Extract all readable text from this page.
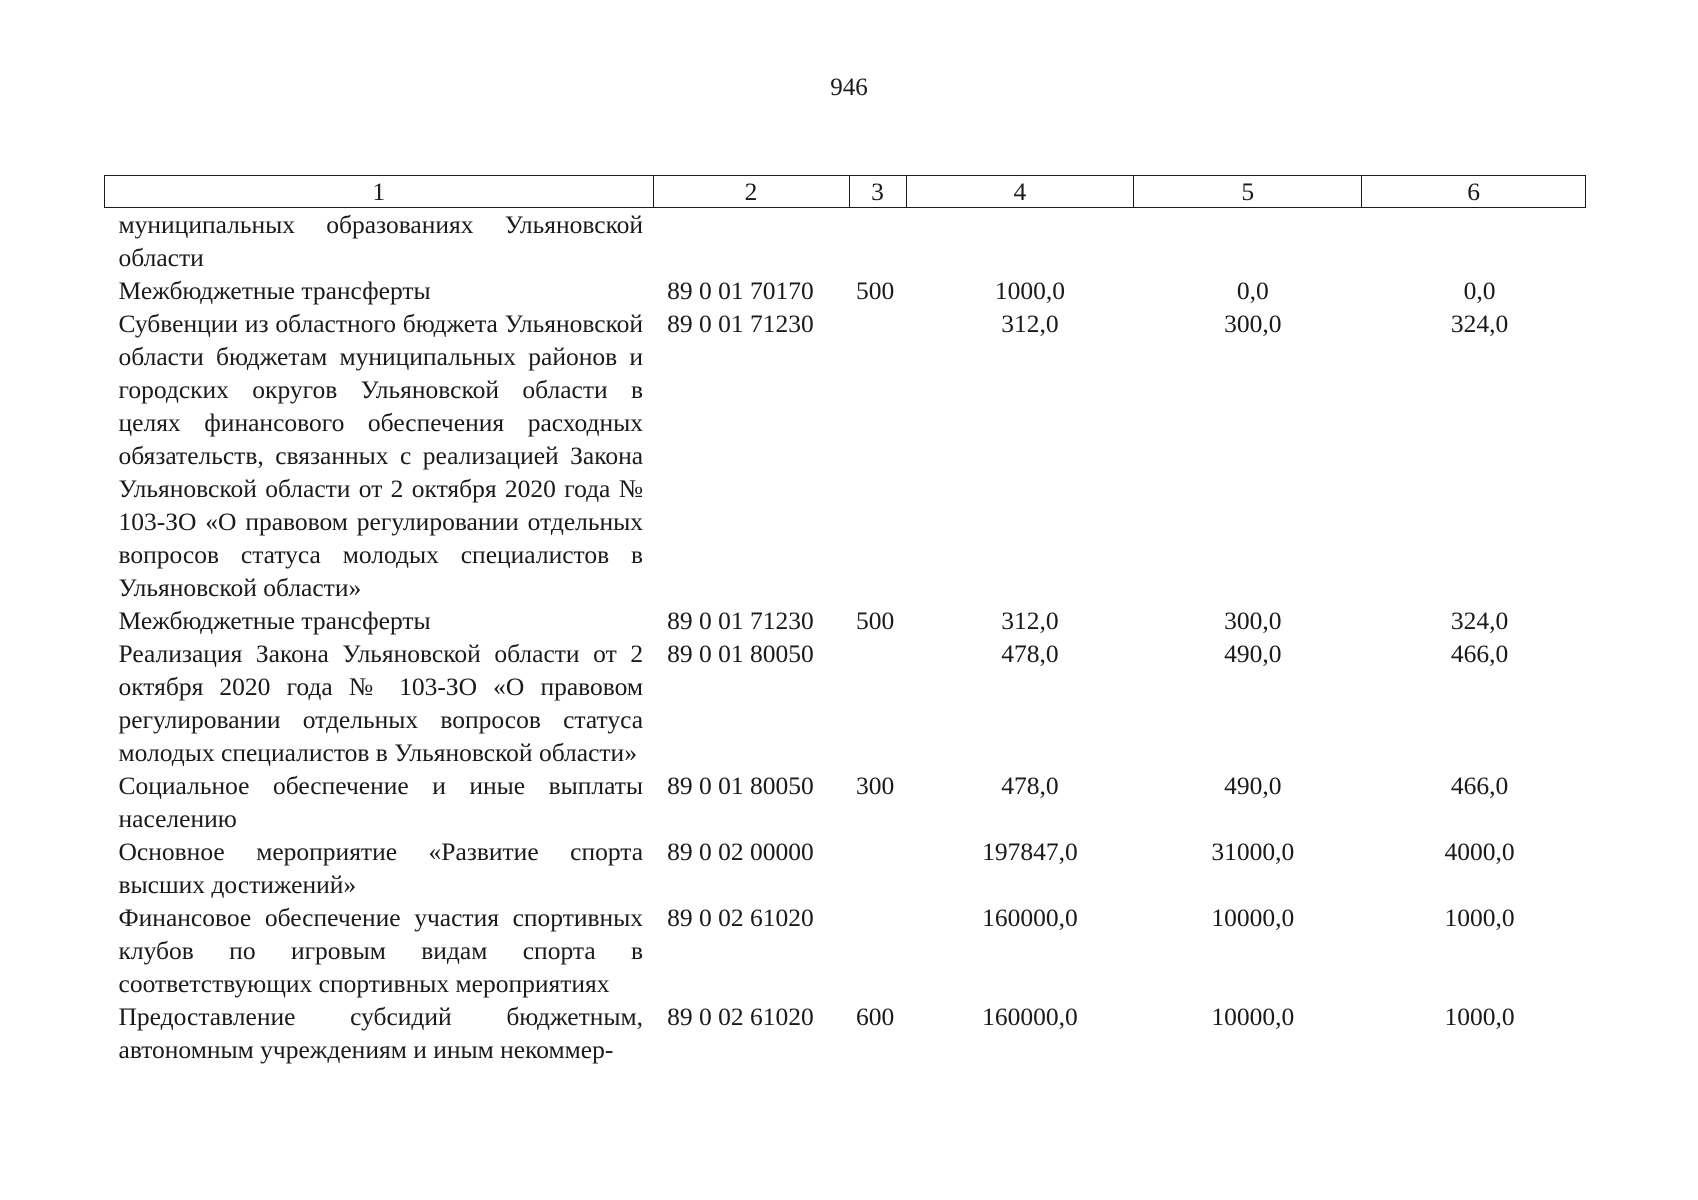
946
1	2	3	4	5	6
муниципальных образованиях Ульяновской области					
Межбюджетные трансферты	89 0 01 70170	500	1000,0	0,0	0,0
Субвенции из областного бюджета Ульяновской области бюджетам муниципальных районов и городских округов Ульяновской области в целях финансового обеспечения расходных обязательств, связанных с реализацией Закона Ульяновской области от 2 октября 2020 года № 103-ЗО «О правовом регулировании отдельных вопросов статуса молодых специалистов в Ульяновской области»	89 0 01 71230		312,0	300,0	324,0
Межбюджетные трансферты	89 0 01 71230	500	312,0	300,0	324,0
Реализация Закона Ульяновской области от 2 октября 2020 года № 103-ЗО «О правовом регулировании отдельных вопросов статуса молодых специалистов в Ульяновской области»	89 0 01 80050		478,0	490,0	466,0
Социальное обеспечение и иные выплаты населению	89 0 01 80050	300	478,0	490,0	466,0
Основное мероприятие «Развитие спорта высших достижений»	89 0 02 00000		197847,0	31000,0	4000,0
Финансовое обеспечение участия спортивных клубов по игровым видам спорта в соответствующих спортивных мероприятиях	89 0 02 61020		160000,0	10000,0	1000,0
Предоставление субсидий бюджетным, автономным учреждениям и иным некоммер-	89 0 02 61020	600	160000,0	10000,0	1000,0
